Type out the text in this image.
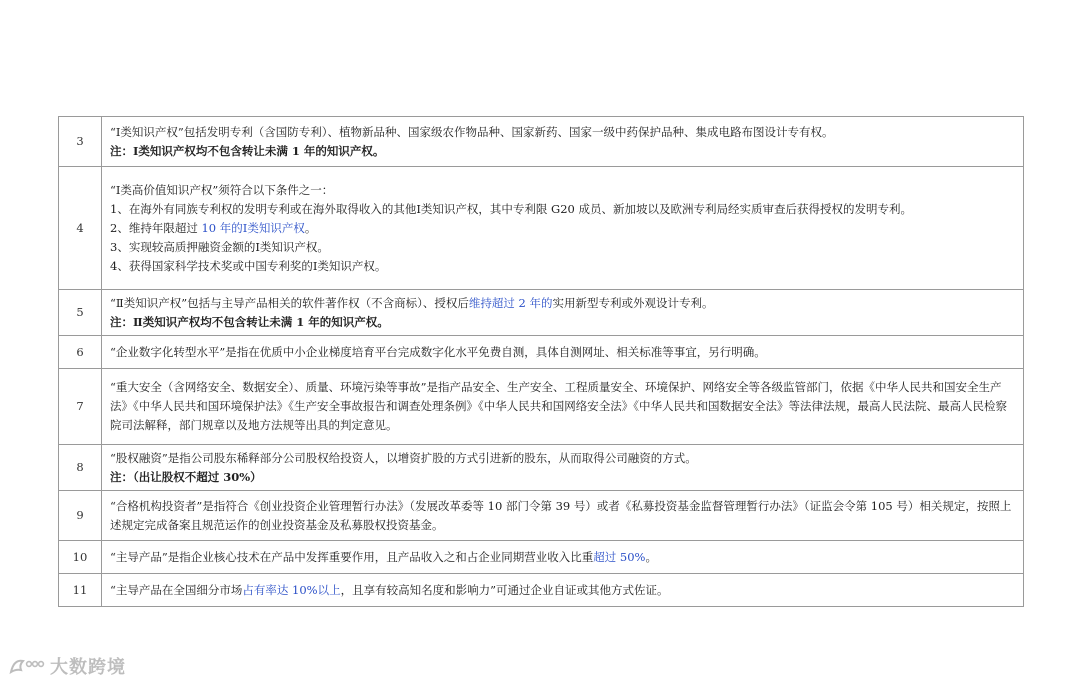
3	“Ⅰ类知识产权”包括发明专利（含国防专利）、植物新品种、国家级农作物品种、国家新药、国家一级中药保护品种、集成电路布图设计专有权。
注：Ⅰ类知识产权均不包含转让未满 1 年的知识产权。

4	“Ⅰ类高价值知识产权”须符合以下条件之一：
1、在海外有同族专利权的发明专利或在海外取得收入的其他Ⅰ类知识产权，其中专利限 G20 成员、新加坡以及欧洲专利局经实质审查后获得授权的发明专利。
2、维持年限超过 10 年的Ⅰ类知识产权。
3、实现较高质押融资金额的Ⅰ类知识产权。
4、获得国家科学技术奖或中国专利奖的Ⅰ类知识产权。

5	“Ⅱ类知识产权”包括与主导产品相关的软件著作权（不含商标）、授权后维持超过 2 年的实用新型专利或外观设计专利。
注：Ⅱ类知识产权均不包含转让未满 1 年的知识产权。

6	“企业数字化转型水平”是指在优质中小企业梯度培育平台完成数字化水平免费自测，具体自测网址、相关标准等事宜，另行明确。

7	“重大安全（含网络安全、数据安全）、质量、环境污染等事故”是指产品安全、生产安全、工程质量安全、环境保护、网络安全等各级监管部门，依据《中华人民共和国安全生产法》《中华人民共和国环境保护法》《生产安全事故报告和调查处理条例》《中华人民共和国网络安全法》《中华人民共和国数据安全法》等法律法规，最高人民法院、最高人民检察院司法解释，部门规章以及地方法规等出具的判定意见。

8	“股权融资”是指公司股东稀释部分公司股权给投资人，以增资扩股的方式引进新的股东，从而取得公司融资的方式。
注：（出让股权不超过 30%）

9	“合格机构投资者”是指符合《创业投资企业管理暂行办法》（发展改革委等 10 部门令第 39 号）或者《私募投资基金监督管理暂行办法》（证监会令第 105 号）相关规定，按照上述规定完成备案且规范运作的创业投资基金及私募股权投资基金。

10	“主导产品”是指企业核心技术在产品中发挥重要作用，且产品收入之和占企业同期营业收入比重超过 50%。

11	“主导产品在全国细分市场占有率达 10%以上，且享有较高知名度和影响力”可通过企业自证或其他方式佐证。
大数跨境
